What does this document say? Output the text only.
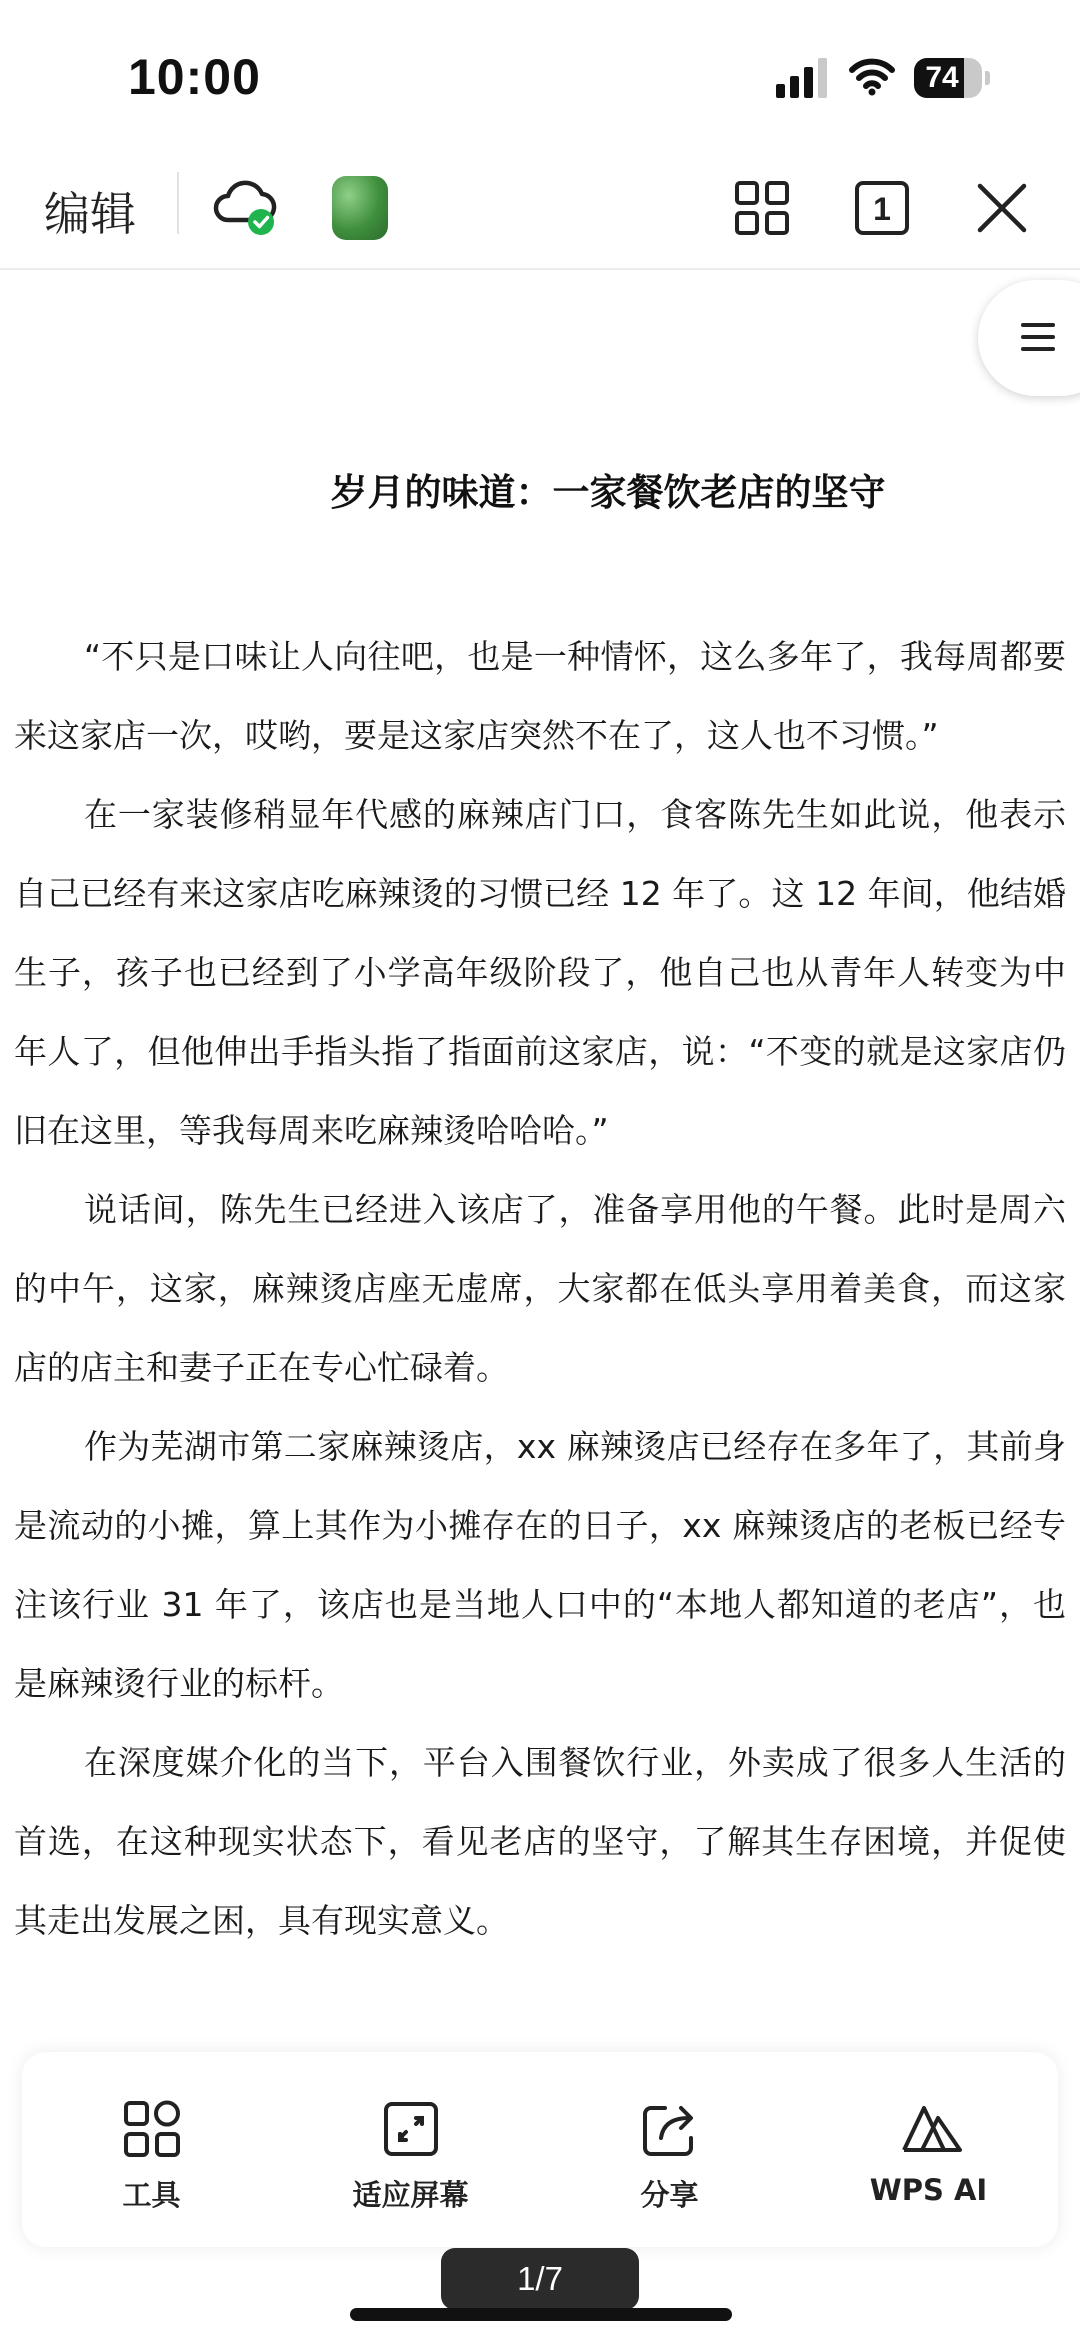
10:00	74
编辑	1
岁月的味道：一家餐饮老店的坚守

“不只是口味让人向往吧，也是一种情怀，这么多年了，我每周都要来这家店一次，哎哟，要是这家店突然不在了，这人也不习惯。”

在一家装修稍显年代感的麻辣店门口，食客陈先生如此说，他表示自己已经有来这家店吃麻辣烫的习惯已经 12 年了。这 12 年间，他结婚生子，孩子也已经到了小学高年级阶段了，他自己也从青年人转变为中年人了，但他伸出手指头指了指面前这家店，说：“不变的就是这家店仍旧在这里，等我每周来吃麻辣烫哈哈哈。”

说话间，陈先生已经进入该店了，准备享用他的午餐。此时是周六的中午，这家，麻辣烫店座无虚席，大家都在低头享用着美食，而这家店的店主和妻子正在专心忙碌着。

作为芜湖市第二家麻辣烫店，xx 麻辣烫店已经存在多年了，其前身是流动的小摊，算上其作为小摊存在的日子，xx 麻辣烫店的老板已经专注该行业 31 年了，该店也是当地人口中的“本地人都知道的老店”，也是麻辣烫行业的标杆。

在深度媒介化的当下，平台入围餐饮行业，外卖成了很多人生活的首选，在这种现实状态下，看见老店的坚守，了解其生存困境，并促使其走出发展之困，具有现实意义。

工具	适应屏幕	分享	WPS AI
1/7
